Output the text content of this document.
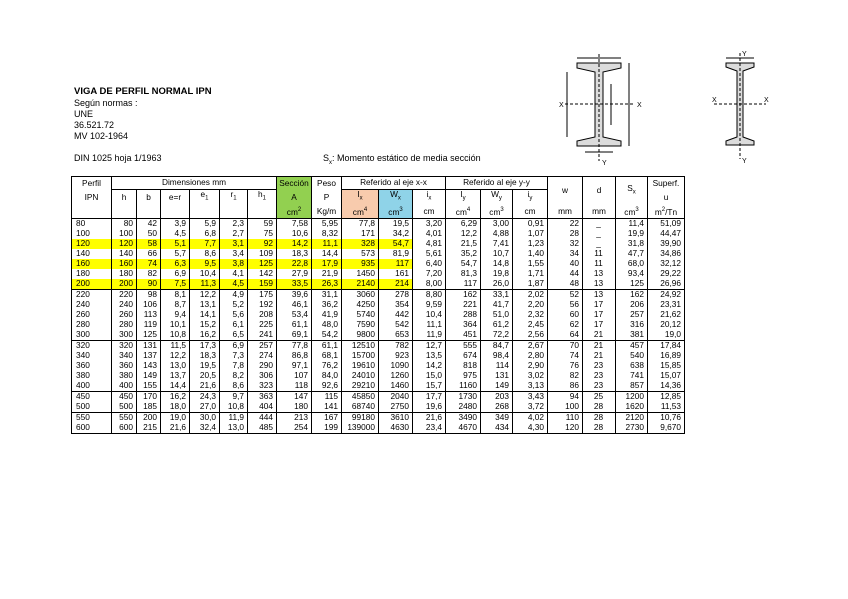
VIGA DE PERFIL NORMAL IPN
Según normas :
UNE
36.521.72
MV 102-1964
DIN 1025 hoja 1/1963	$S_x$: Momento estático de media sección
X	X
Y
Y
X	X
Y
Perfil	Dimensiones mm						Sección	Peso	Referido al eje x-x			Referido al eje y-y			w	d	$S_x$	Superf.
IPN	h	b	e=r	$e_1$	$r_1$	$h_1$	A	P	$I_x$	$W_x$	$i_x$	$I_y$	$W_y$	$i_y$				u
							$cm^2$	Kg/m	$cm^4$	$cm^3$	cm	$cm^4$	$cm^3$	cm	mm	mm	$cm^3$	$m^2/Tn$
80	80	42	3,9	5,9	2,3	59	7,58	5,95	77,8	19,5	3,20	6,29	3,00	0,91	22	_	11,4	51,09
100	100	50	4,5	6,8	2,7	75	10,6	8,32	171	34,2	4,01	12,2	4,88	1,07	28	_	19,9	44,47
120	120	58	5,1	7,7	3,1	92	14,2	11,1	328	54,7	4,81	21,5	7,41	1,23	32	_	31,8	39,90
140	140	66	5,7	8,6	3,4	109	18,3	14,4	573	81,9	5,61	35,2	10,7	1,40	34	11	47,7	34,86
160	160	74	6,3	9,5	3,8	125	22,8	17,9	935	117	6,40	54,7	14,8	1,55	40	11	68,0	32,12
180	180	82	6,9	10,4	4,1	142	27,9	21,9	1450	161	7,20	81,3	19,8	1,71	44	13	93,4	29,22
200	200	90	7,5	11,3	4,5	159	33,5	26,3	2140	214	8,00	117	26,0	1,87	48	13	125	26,96
220	220	98	8,1	12,2	4,9	175	39,6	31,1	3060	278	8,80	162	33,1	2,02	52	13	162	24,92
240	240	106	8,7	13,1	5,2	192	46,1	36,2	4250	354	9,59	221	41,7	2,20	56	17	206	23,31
260	260	113	9,4	14,1	5,6	208	53,4	41,9	5740	442	10,4	288	51,0	2,32	60	17	257	21,62
280	280	119	10,1	15,2	6,1	225	61,1	48,0	7590	542	11,1	364	61,2	2,45	62	17	316	20,12
300	300	125	10,8	16,2	6,5	241	69,1	54,2	9800	653	11,9	451	72,2	2,56	64	21	381	19,0
320	320	131	11,5	17,3	6,9	257	77,8	61,1	12510	782	12,7	555	84,7	2,67	70	21	457	17,84
340	340	137	12,2	18,3	7,3	274	86,8	68,1	15700	923	13,5	674	98,4	2,80	74	21	540	16,89
360	360	143	13,0	19,5	7,8	290	97,1	76,2	19610	1090	14,2	818	114	2,90	76	23	638	15,85
380	380	149	13,7	20,5	8,2	306	107	84,0	24010	1260	15,0	975	131	3,02	82	23	741	15,07
400	400	155	14,4	21,6	8,6	323	118	92,6	29210	1460	15,7	1160	149	3,13	86	23	857	14,36
450	450	170	16,2	24,3	9,7	363	147	115	45850	2040	17,7	1730	203	3,43	94	25	1200	12,85
500	500	185	18,0	27,0	10,8	404	180	141	68740	2750	19,6	2480	268	3,72	100	28	1620	11,53
550	550	200	19,0	30,0	11,9	444	213	167	99180	3610	21,6	3490	349	4,02	110	28	2120	10,76
600	600	215	21,6	32,4	13,0	485	254	199	139000	4630	23,4	4670	434	4,30	120	28	2730	9,670
